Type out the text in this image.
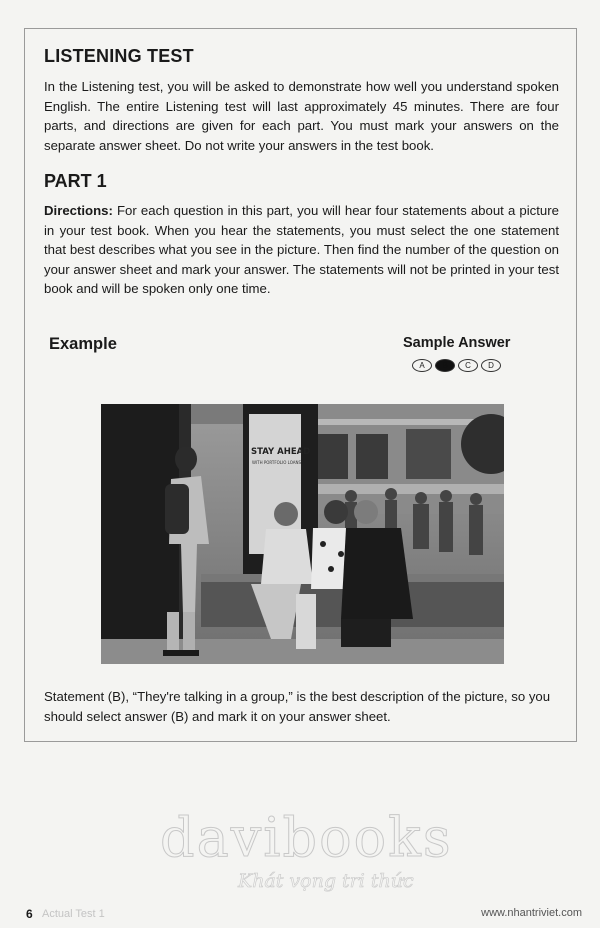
LISTENING TEST

In the Listening test, you will be asked to demonstrate how well you understand spoken English. The entire Listening test will last approximately 45 minutes. There are four parts, and directions are given for each part. You must mark your answers on the separate answer sheet. Do not write your answers in the test book.

PART 1

Directions: For each question in this part, you will hear four statements about a picture in your test book. When you hear the statements, you must select the one statement that best describes what you see in the picture. Then find the number of the question on your answer sheet and mark your answer. The statements will not be printed in your test book and will be spoken only one time.

Example	Sample Answer
A	B	C	D
STAY AHEAD
WITH PORTFOLIO LOANS

Statement (B), “They're talking in a group,” is the best description of the picture, so you should select answer (B) and mark it on your answer sheet.

davibooks
Khát vọng tri thức
6 Actual Test 1	www.nhantriviet.com
